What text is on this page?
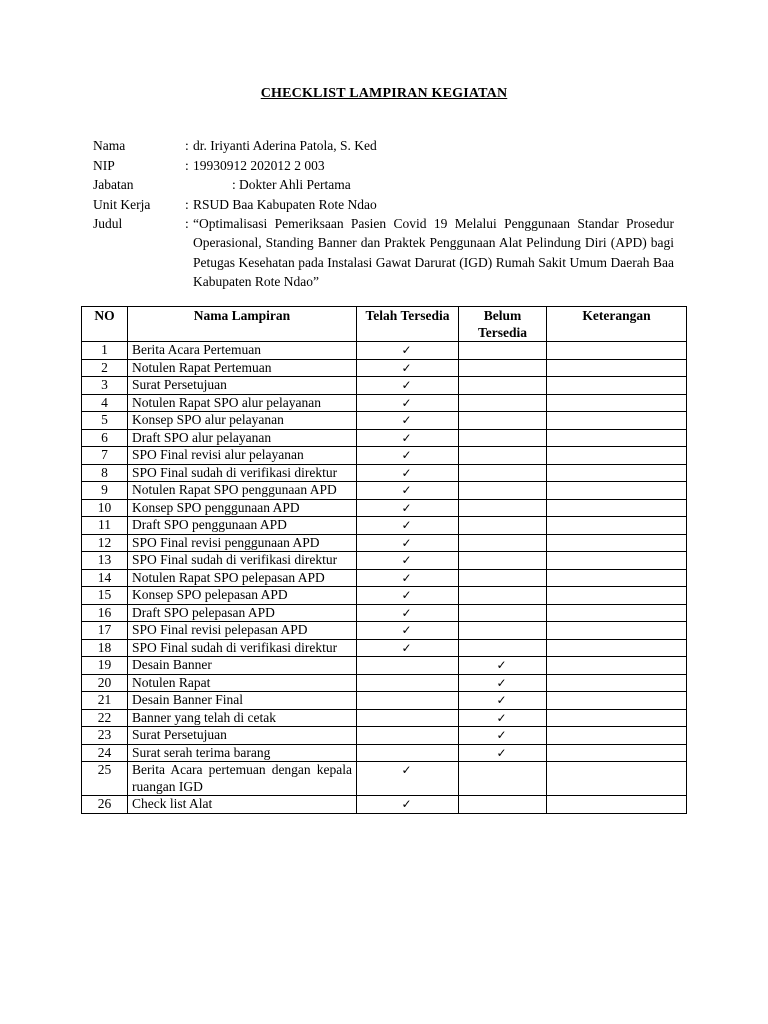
CHECKLIST LAMPIRAN KEGIATAN
Nama	: dr. Iriyanti Aderina Patola, S. Ked
NIP	: 19930912 202012 2 003
Jabatan	: Dokter Ahli Pertama
Unit Kerja	: RSUD Baa Kabupaten Rote Ndao
Judul	: “Optimalisasi Pemeriksaan Pasien Covid 19 Melalui Penggunaan Standar Prosedur Operasional, Standing Banner dan Praktek Penggunaan Alat Pelindung Diri (APD) bagi Petugas Kesehatan pada Instalasi Gawat Darurat (IGD) Rumah Sakit Umum Daerah Baa Kabupaten Rote Ndao”
NO	Nama Lampiran	Telah Tersedia	Belum Tersedia	Keterangan
1	Berita Acara Pertemuan	✓		
2	Notulen Rapat Pertemuan	✓		
3	Surat Persetujuan	✓		
4	Notulen Rapat SPO alur pelayanan	✓		
5	Konsep SPO alur pelayanan	✓		
6	Draft SPO alur pelayanan	✓		
7	SPO Final revisi alur pelayanan	✓		
8	SPO Final sudah di verifikasi direktur	✓		
9	Notulen Rapat SPO penggunaan APD	✓		
10	Konsep SPO penggunaan APD	✓		
11	Draft SPO penggunaan APD	✓		
12	SPO Final revisi penggunaan APD	✓		
13	SPO Final sudah di verifikasi direktur	✓		
14	Notulen Rapat SPO pelepasan APD	✓		
15	Konsep SPO pelepasan APD	✓		
16	Draft SPO pelepasan APD	✓		
17	SPO Final revisi pelepasan APD	✓		
18	SPO Final sudah di verifikasi direktur	✓		
19	Desain Banner		✓	
20	Notulen Rapat		✓	
21	Desain Banner Final		✓	
22	Banner yang telah di cetak		✓	
23	Surat Persetujuan		✓	
24	Surat serah terima barang		✓	
25	Berita Acara pertemuan dengan kepala ruangan IGD	✓		
26	Check list Alat	✓		
